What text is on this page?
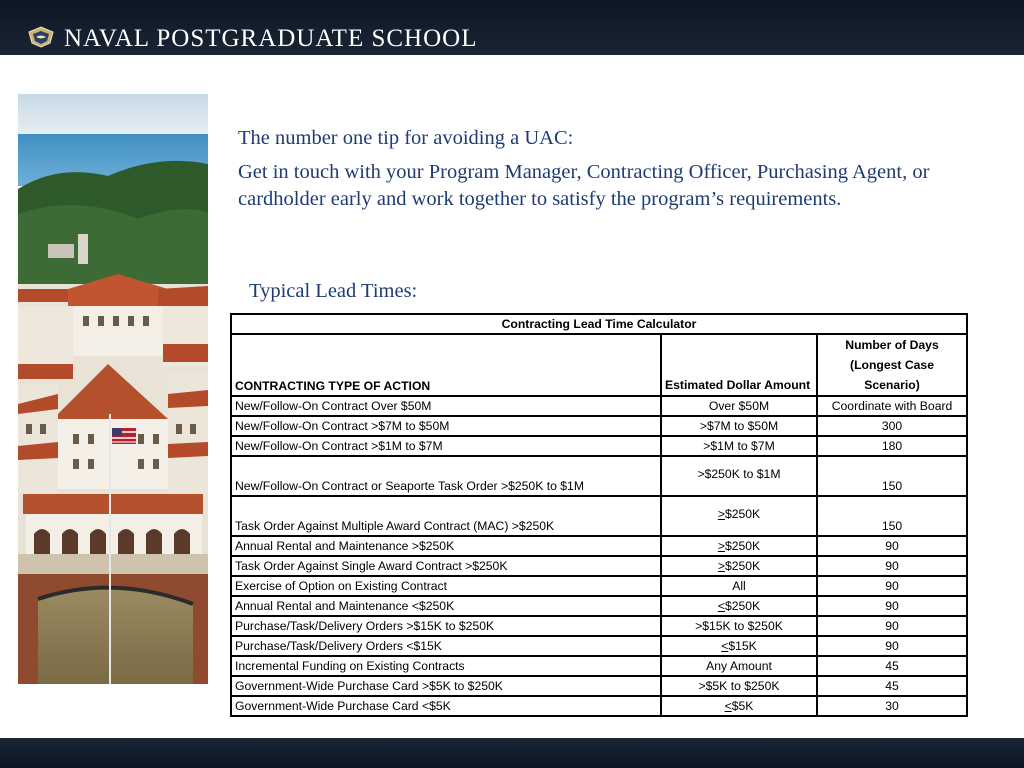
NAVAL POSTGRADUATE SCHOOL

The number one tip for avoiding a UAC:

Get in touch with your Program Manager, Contracting Officer, Purchasing Agent, or cardholder early and work together to satisfy the program’s requirements.

Typical Lead Times:
Contracting Lead Time Calculator		
CONTRACTING TYPE OF ACTION	Estimated Dollar Amount	Number of Days (Longest Case Scenario)
New/Follow-On Contract Over $50M	Over $50M	Coordinate with Board
New/Follow-On Contract >$7M to $50M	>$7M to $50M	300
New/Follow-On Contract >$1M to $7M	>$1M to $7M	180
New/Follow-On Contract or Seaporte Task Order >$250K to $1M	>$250K to $1M	150
Task Order Against Multiple Award Contract (MAC) >$250K	>$250K	150
Annual Rental and Maintenance >$250K	>$250K	90
Task Order Against Single Award Contract >$250K	>$250K	90
Exercise of Option on Existing Contract	All	90
Annual Rental and Maintenance <$250K	<$250K	90
Purchase/Task/Delivery Orders >$15K to $250K	>$15K to $250K	90
Purchase/Task/Delivery Orders <$15K	<$15K	90
Incremental Funding on Existing Contracts	Any Amount	45
Government-Wide Purchase Card >$5K to $250K	>$5K to $250K	45
Government-Wide Purchase Card <$5K	<$5K	30
